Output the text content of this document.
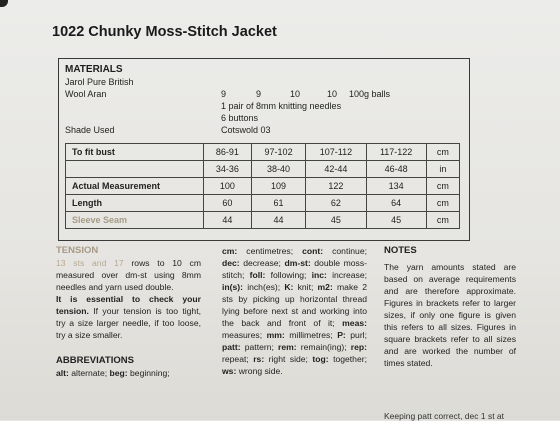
1022 Chunky Moss-Stitch Jacket
MATERIALS
Jarol Pure British
Wool Aran	9	9	10	10 100g balls
1 pair of 8mm knitting needles
6 buttons
Shade Used	Cotswold 03
To fit bust	86-91	97-102	107-112	117-122	cm
	34-36	38-40	42-44	46-48	in
Actual Measurement	100	109	122	134	cm
Length	60	61	62	64	cm
Sleeve Seam	44	44	45	45	cm

TENSION

13 sts and 17 rows to 10 cm measured over dm-st using 8mm needles and yarn used double.

It is essential to check your tension. If your tension is too tight, try a size larger needle, if too loose, try a size smaller.

ABBREVIATIONS

alt: alternate; beg: beginning;

cm: centimetres; cont: continue; dec: decrease; dm-st: double moss-stitch; foll: following; inc: increase; in(s): inch(es); K: knit; m2: make 2 sts by picking up horizontal thread lying before next st and working into the back and front of it; meas: measures; mm: millimetres; P: purl; patt: pattern; rem: remain(ing); rep: repeat; rs: right side; tog: together; ws: wrong side.

NOTES

The yarn amounts stated are based on average requirements and are therefore approximate. Figures in brackets refer to larger sizes, if only one figure is given this refers to all sizes. Figures in square brackets refer to all sizes and are worked the number of times stated.

Keeping patt correct, dec 1 st at
